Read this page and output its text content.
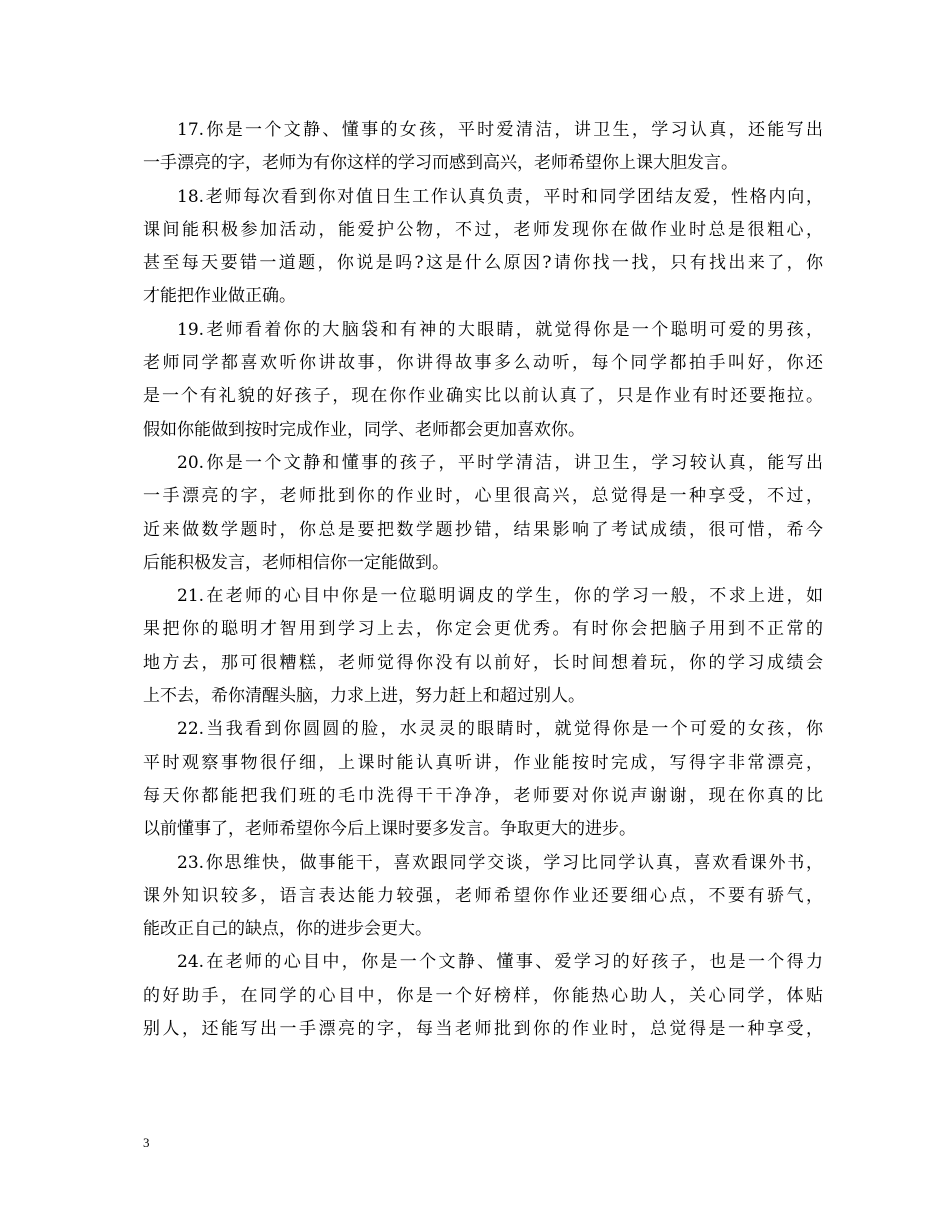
17.你是一个文静、懂事的女孩，平时爱清洁，讲卫生，学习认真，还能写出

一手漂亮的字，老师为有你这样的学习而感到高兴，老师希望你上课大胆发言。

18.老师每次看到你对值日生工作认真负责，平时和同学团结友爱，性格内向，

课间能积极参加活动，能爱护公物，不过，老师发现你在做作业时总是很粗心，

甚至每天要错一道题，你说是吗?这是什么原因?请你找一找，只有找出来了，你

才能把作业做正确。

19.老师看着你的大脑袋和有神的大眼睛，就觉得你是一个聪明可爱的男孩，

老师同学都喜欢听你讲故事，你讲得故事多么动听，每个同学都拍手叫好，你还

是一个有礼貌的好孩子，现在你作业确实比以前认真了，只是作业有时还要拖拉。

假如你能做到按时完成作业，同学、老师都会更加喜欢你。

20.你是一个文静和懂事的孩子，平时学清洁，讲卫生，学习较认真，能写出

一手漂亮的字，老师批到你的作业时，心里很高兴，总觉得是一种享受，不过，

近来做数学题时，你总是要把数学题抄错，结果影响了考试成绩，很可惜，希今

后能积极发言，老师相信你一定能做到。

21.在老师的心目中你是一位聪明调皮的学生，你的学习一般，不求上进，如

果把你的聪明才智用到学习上去，你定会更优秀。有时你会把脑子用到不正常的

地方去，那可很糟糕，老师觉得你没有以前好，长时间想着玩，你的学习成绩会

上不去，希你清醒头脑，力求上进，努力赶上和超过别人。

22.当我看到你圆圆的脸，水灵灵的眼睛时，就觉得你是一个可爱的女孩，你

平时观察事物很仔细，上课时能认真听讲，作业能按时完成，写得字非常漂亮，

每天你都能把我们班的毛巾洗得干干净净，老师要对你说声谢谢，现在你真的比

以前懂事了，老师希望你今后上课时要多发言。争取更大的进步。

23.你思维快，做事能干，喜欢跟同学交谈，学习比同学认真，喜欢看课外书，

课外知识较多，语言表达能力较强，老师希望你作业还要细心点，不要有骄气，

能改正自己的缺点，你的进步会更大。

24.在老师的心目中，你是一个文静、懂事、爱学习的好孩子，也是一个得力

的好助手，在同学的心目中，你是一个好榜样，你能热心助人，关心同学，体贴

别人，还能写出一手漂亮的字，每当老师批到你的作业时，总觉得是一种享受，

3
